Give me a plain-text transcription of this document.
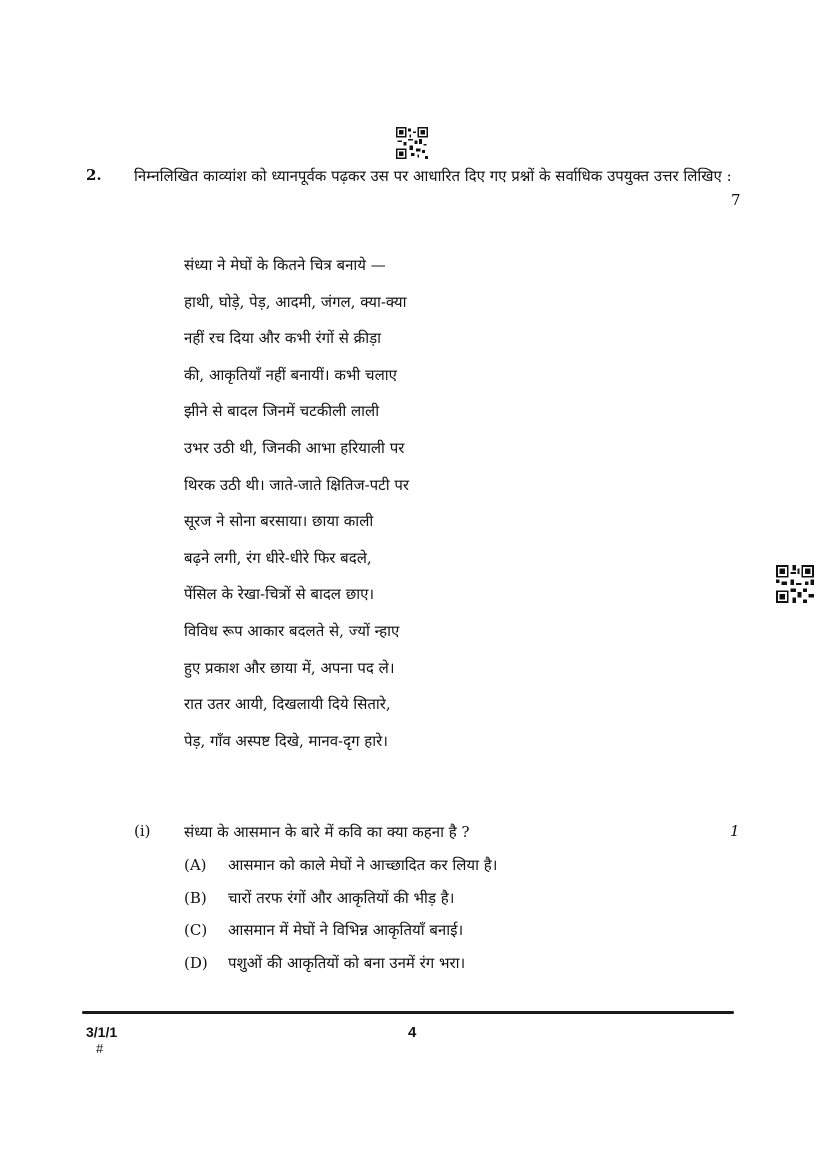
2. निम्नलिखित काव्यांश को ध्यानपूर्वक पढ़कर उस पर आधारित दिए गए प्रश्नों के सर्वाधिक उपयुक्त उत्तर लिखिए :
7
संध्या ने मेघों के कितने चित्र बनाये —
हाथी, घोड़े, पेड़, आदमी, जंगल, क्या-क्या
नहीं रच दिया और कभी रंगों से क्रीड़ा
की, आकृतियाँ नहीं बनायीं। कभी चलाए
झीने से बादल जिनमें चटकीली लाली
उभर उठी थी, जिनकी आभा हरियाली पर
थिरक उठी थी। जाते-जाते क्षितिज-पटी पर
सूरज ने सोना बरसाया। छाया काली
बढ़ने लगी, रंग धीरे-धीरे फिर बदले,
पेंसिल के रेखा-चित्रों से बादल छाए।
विविध रूप आकार बदलते से, ज्यों न्हाए
हुए प्रकाश और छाया में, अपना पद ले।
रात उतर आयी, दिखलायी दिये सितारे,
पेड़, गाँव अस्पष्ट दिखे, मानव-दृग हारे।
(i) संध्या के आसमान के बारे में कवि का क्या कहना है ?	1
(A) आसमान को काले मेघों ने आच्छादित कर लिया है।
(B) चारों तरफ रंगों और आकृतियों की भीड़ है।
(C) आसमान में मेघों ने विभिन्न आकृतियाँ बनाई।
(D) पशुओं की आकृतियों को बना उनमें रंग भरा।
3/1/1	4
#
